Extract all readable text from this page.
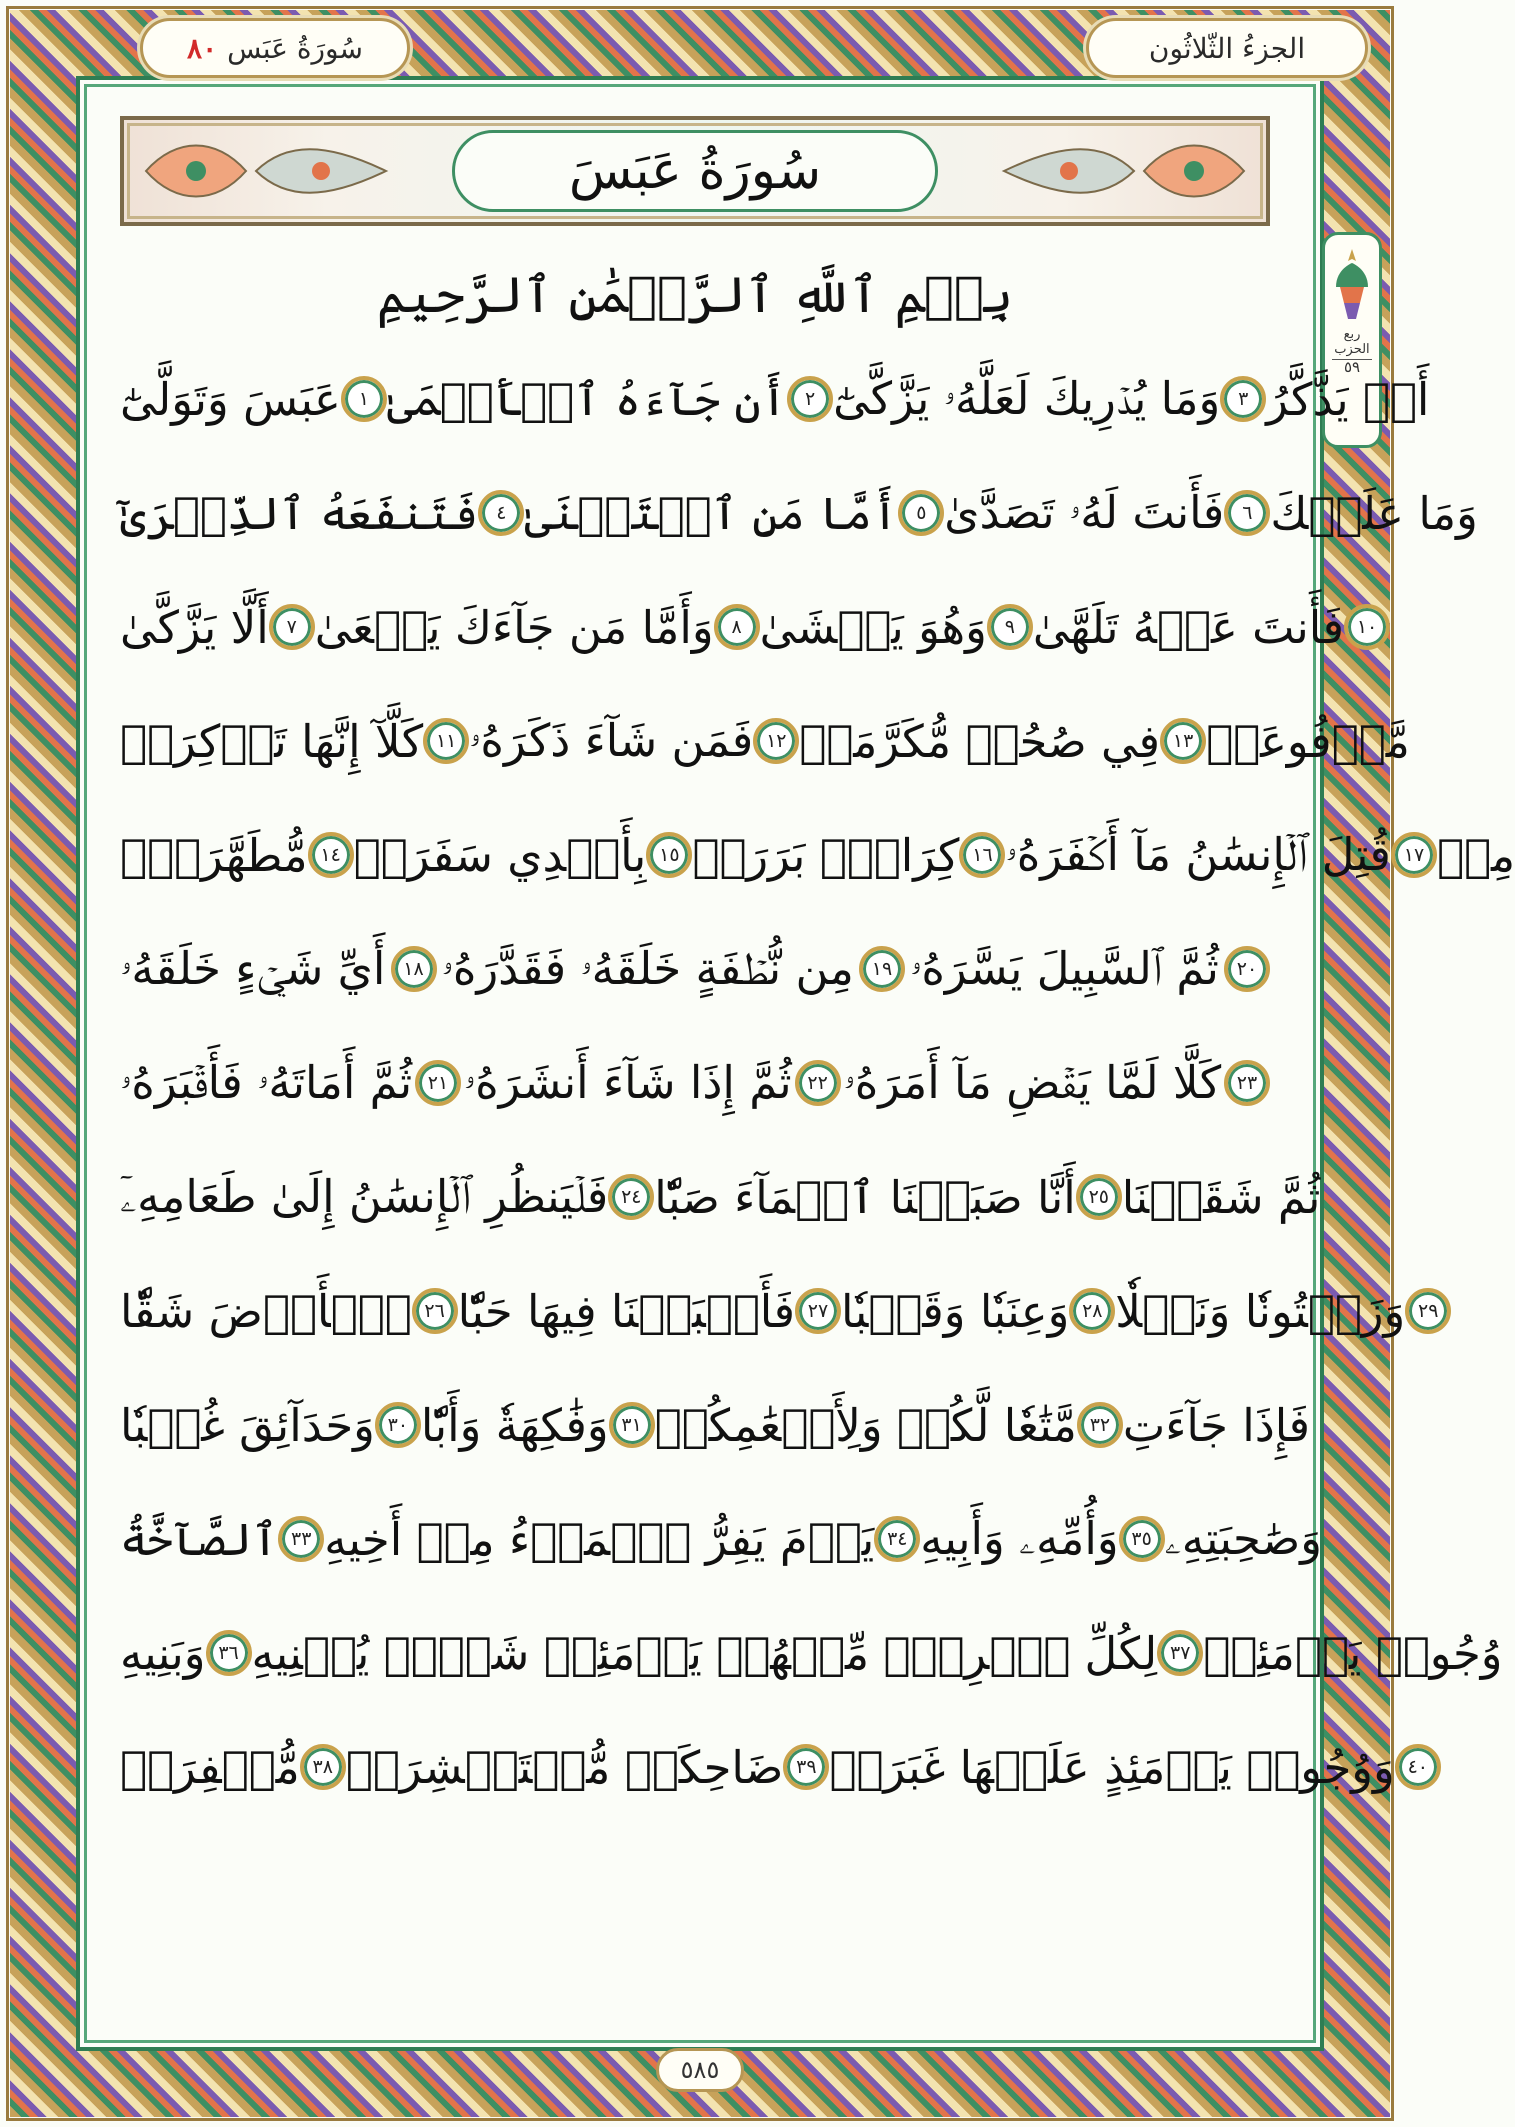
الجزءُ الثّلاثُون
سُورَةُ عَبَس
٨٠
سُورَةُ عَبَسَ
ربع
الحزب
٥٩
بِسۡمِ ٱللَّهِ ٱلرَّحۡمَٰنِ ٱلرَّحِيمِ
عَبَسَ وَتَوَلَّىٰٓ ١ أَن جَآءَهُ ٱلۡأَعۡمَىٰ ٢ وَمَا يُدۡرِيكَ لَعَلَّهُۥ يَزَّكَّىٰٓ ٣ أَوۡ يَذَّكَّرُ
فَتَنفَعَهُ ٱلذِّكۡرَىٰٓ ٤ أَمَّا مَنِ ٱسۡتَغۡنَىٰ ٥ فَأَنتَ لَهُۥ تَصَدَّىٰ ٦ وَمَا عَلَيۡكَ
أَلَّا يَزَّكَّىٰ ٧ وَأَمَّا مَن جَآءَكَ يَسۡعَىٰ ٨ وَهُوَ يَخۡشَىٰ ٩ فَأَنتَ عَنۡهُ تَلَهَّىٰ ١٠
كَلَّآ إِنَّهَا تَذۡكِرَةٞ ١١ فَمَن شَآءَ ذَكَرَهُۥ ١٢ فِي صُحُفٖ مُّكَرَّمَةٖ ١٣ مَّرۡفُوعَةٖ
مُّطَهَّرَةِۭ ١٤ بِأَيۡدِي سَفَرَةٖ ١٥ كِرَامِۭ بَرَرَةٖ ١٦ قُتِلَ ٱلۡإِنسَٰنُ مَآ أَكۡفَرَهُۥ ١٧ مِنۡ
أَيِّ شَيۡءٍ خَلَقَهُۥ ١٨ مِن نُّطۡفَةٍ خَلَقَهُۥ فَقَدَّرَهُۥ ١٩ ثُمَّ ٱلسَّبِيلَ يَسَّرَهُۥ ٢٠
ثُمَّ أَمَاتَهُۥ فَأَقۡبَرَهُۥ ٢١ ثُمَّ إِذَا شَآءَ أَنشَرَهُۥ ٢٢ كَلَّا لَمَّا يَقۡضِ مَآ أَمَرَهُۥ ٢٣
فَلۡيَنظُرِ ٱلۡإِنسَٰنُ إِلَىٰ طَعَامِهِۦٓ ٢٤ أَنَّا صَبَبۡنَا ٱلۡمَآءَ صَبّٗا ٢٥ ثُمَّ شَقَقۡنَا
ٱلۡأَرۡضَ شَقّٗا ٢٦ فَأَنۢبَتۡنَا فِيهَا حَبّٗا ٢٧ وَعِنَبٗا وَقَضۡبٗا ٢٨ وَزَيۡتُونٗا وَنَخۡلٗا ٢٩
وَحَدَآئِقَ غُلۡبٗا ٣٠ وَفَٰكِهَةٗ وَأَبّٗا ٣١ مَّتَٰعٗا لَّكُمۡ وَلِأَنۡعَٰمِكُمۡ ٣٢ فَإِذَا جَآءَتِ
ٱلصَّآخَّةُ ٣٣ يَوۡمَ يَفِرُّ ٱلۡمَرۡءُ مِنۡ أَخِيهِ ٣٤ وَأُمِّهِۦ وَأَبِيهِ ٣٥ وَصَٰحِبَتِهِۦ
وَبَنِيهِ ٣٦ لِكُلِّ ٱمۡرِيٕٖ مِّنۡهُمۡ يَوۡمَئِذٖ شَأۡنٞ يُغۡنِيهِ ٣٧ وُجُوهٞ يَوۡمَئِذٖ
مُّسۡفِرَةٞ ٣٨ ضَاحِكَةٞ مُّسۡتَبۡشِرَةٞ ٣٩ وَوُجُوهٞ يَوۡمَئِذٍ عَلَيۡهَا غَبَرَةٞ ٤٠
٥٨٥
